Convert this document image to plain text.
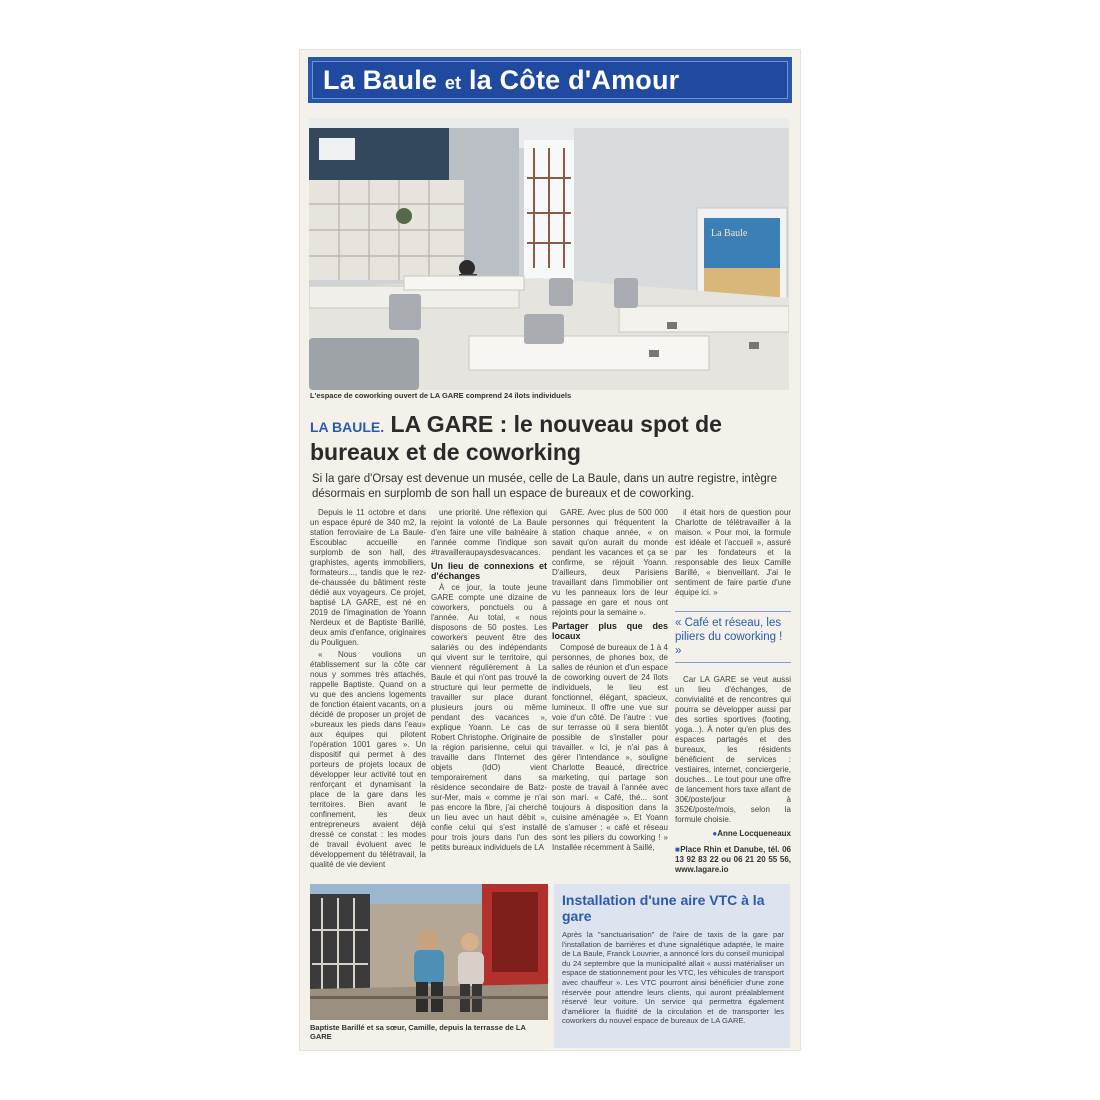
La Baule et la Côte d'Amour
La Baule
L'espace de coworking ouvert de LA GARE comprend 24 îlots individuels
LA BAULE. LA GARE : le nouveau spot de bureaux et de coworking
Si la gare d'Orsay est devenue un musée, celle de La Baule, dans un autre registre, intègre désormais en surplomb de son hall un espace de bureaux et de coworking.

Depuis le 11 octobre et dans un espace épuré de 340 m2, la station ferroviaire de La Baule-Escoublac accueille en surplomb de son hall, des graphistes, agents immobiliers, formateurs..., tandis que le rez-de-chaussée du bâtiment reste dédié aux voyageurs. Ce projet, baptisé LA GARE, est né en 2019 de l'imagination de Yoann Nerdeux et de Baptiste Barillé, deux amis d'enfance, originaires du Pouliguen.

« Nous voulions un établissement sur la côte car nous y sommes très attachés, rappelle Baptiste. Quand on a vu que des anciens logements de fonction étaient vacants, on a décidé de proposer un projet de »bureaux les pieds dans l'eau» aux équipes qui pilotent l'opération 1001 gares ». Un dispositif qui permet à des porteurs de projets locaux de développer leur activité tout en renforçant et dynamisant la place de la gare dans les territoires. Bien avant le confinement, les deux entrepreneurs avaient déjà dressé ce constat : les modes de travail évoluent avec le développement du télétravail, la qualité de vie devient

une priorité. Une réflexion qui rejoint la volonté de La Baule d'en faire une ville balnéaire à l'année comme l'indique son #travailleraupaysdesvacances.

Un lieu de connexions et d'échanges

À ce jour, la toute jeune GARE compte une dizaine de coworkers, ponctuels ou à l'année. Au total, « nous disposons de 50 postes. Les coworkers peuvent être des salariés ou des indépendants qui vivent sur le territoire, qui viennent régulièrement à La Baule et qui n'ont pas trouvé la structure qui leur permette de travailler sur place durant plusieurs jours ou même pendant des vacances », explique Yoann. Le cas de Robert Christophe. Originaire de la région parisienne, celui qui travaille dans l'Internet des objets (IdO) vient temporairement dans sa résidence secondaire de Batz-sur-Mer, mais « comme je n'ai pas encore la fibre, j'ai cherché un lieu avec un haut débit », confie celui qui s'est installé pour trois jours dans l'un des petits bureaux individuels de LA

GARE. Avec plus de 500 000 personnes qui fréquentent la station chaque année, « on savait qu'on aurait du monde pendant les vacances et ça se confirme, se réjouit Yoann. D'ailleurs, deux Parisiens travaillant dans l'immobilier ont vu les panneaux lors de leur passage en gare et nous ont rejoints pour la semaine ».

Partager plus que des locaux

Composé de bureaux de 1 à 4 personnes, de phones box, de salles de réunion et d'un espace de coworking ouvert de 24 îlots individuels, le lieu est fonctionnel, élégant, spacieux, lumineux. Il offre une vue sur voie d'un côté. De l'autre : vue sur terrasse où il sera bientôt possible de s'installer pour travailler. « Ici, je n'ai pas à gérer l'intendance », souligne Charlotte Beaucé, directrice marketing, qui partage son poste de travail à l'année avec son mari. « Café, thé... sont toujours à disposition dans la cuisine aménagée ». Et Yoann de s'amuser : « café et réseau sont les piliers du coworking ! » Installée récemment à Saillé,

il était hors de question pour Charlotte de télétravailler à la maison. « Pour moi, la formule est idéale et l'accueil », assuré par les fondateurs et la responsable des lieux Camille Barillé, « bienveillant. J'ai le sentiment de faire partie d'une équipe ici. »

« Café et réseau, les piliers du coworking ! »

Car LA GARE se veut aussi un lieu d'échanges, de convivialité et de rencontres qui pourra se développer aussi par des sorties sportives (footing, yoga...). À noter qu'en plus des espaces partagés et des bureaux, les résidents bénéficient de services : vestiaires, internet, conciergerie, douches... Le tout pour une offre de lancement hors taxe allant de 30€/poste/jour à 352€/poste/mois, selon la formule choisie.

●Anne Locqueneaux

■Place Rhin et Danube, tél. 06 13 92 83 22 ou 06 21 20 55 56, www.lagare.io

Baptiste Barillé et sa sœur, Camille, depuis la terrasse de LA GARE
Installation d'une aire VTC à la gare
Après la "sanctuarisation" de l'aire de taxis de la gare par l'installation de barrières et d'une signalétique adaptée, le maire de La Baule, Franck Louvrier, a annoncé lors du conseil municipal du 24 septembre que la municipalité allait « aussi matérialiser un espace de stationnement pour les VTC, les véhicules de transport avec chauffeur ». Les VTC pourront ainsi bénéficier d'une zone réservée pour attendre leurs clients, qui auront préalablement réservé leur voiture. Un service qui permettra également d'améliorer la fluidité de la circulation et de transporter les coworkers du nouvel espace de bureaux de LA GARE.
